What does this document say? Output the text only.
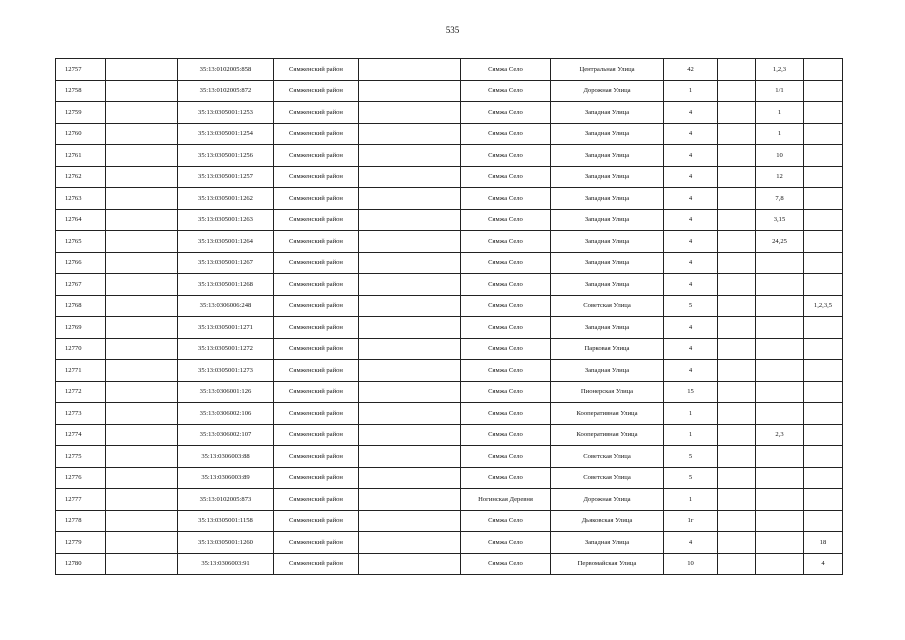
535
12757		35:13:0102005:858	Сямженский район		Сямжа Село	Центральная Улица	42		1,2,3	
12758		35:13:0102005:872	Сямженский район		Сямжа Село	Дорожная Улица	1		1/1	
12759		35:13:0305001:1253	Сямженский район		Сямжа Село	Западная Улица	4		1	
12760		35:13:0305001:1254	Сямженский район		Сямжа Село	Западная Улица	4		1	
12761		35:13:0305001:1256	Сямженский район		Сямжа Село	Западная Улица	4		10	
12762		35:13:0305001:1257	Сямженский район		Сямжа Село	Западная Улица	4		12	
12763		35:13:0305001:1262	Сямженский район		Сямжа Село	Западная Улица	4		7,8	
12764		35:13:0305001:1263	Сямженский район		Сямжа Село	Западная Улица	4		3,15	
12765		35:13:0305001:1264	Сямженский район		Сямжа Село	Западная Улица	4		24,25	
12766		35:13:0305001:1267	Сямженский район		Сямжа Село	Западная Улица	4			
12767		35:13:0305001:1268	Сямженский район		Сямжа Село	Западная Улица	4			
12768		35:13:0306006:248	Сямженский район		Сямжа Село	Советская Улица	5			1,2,3,5
12769		35:13:0305001:1271	Сямженский район		Сямжа Село	Западная Улица	4			
12770		35:13:0305001:1272	Сямженский район		Сямжа Село	Парковая Улица	4			
12771		35:13:0305001:1273	Сямженский район		Сямжа Село	Западная Улица	4			
12772		35:13:0306001:126	Сямженский район		Сямжа Село	Пионерская Улица	15			
12773		35:13:0306002:106	Сямженский район		Сямжа Село	Кооперативная Улица	1			
12774		35:13:0306002:107	Сямженский район		Сямжа Село	Кооперативная Улица	1		2,3	
12775		35:13:0306003:88	Сямженский район		Сямжа Село	Советская Улица	5			
12776		35:13:0306003:89	Сямженский район		Сямжа Село	Советская Улица	5			
12777		35:13:0102005:873	Сямженский район		Ногинская Деревня	Дорожная Улица	1			
12778		35:13:0305001:1158	Сямженский район		Сямжа Село	Дьяковская Улица	1г			
12779		35:13:0305001:1260	Сямженский район		Сямжа Село	Западная Улица	4			18
12780		35:13:0306003:91	Сямженский район		Сямжа Село	Первомайская Улица	10			4
